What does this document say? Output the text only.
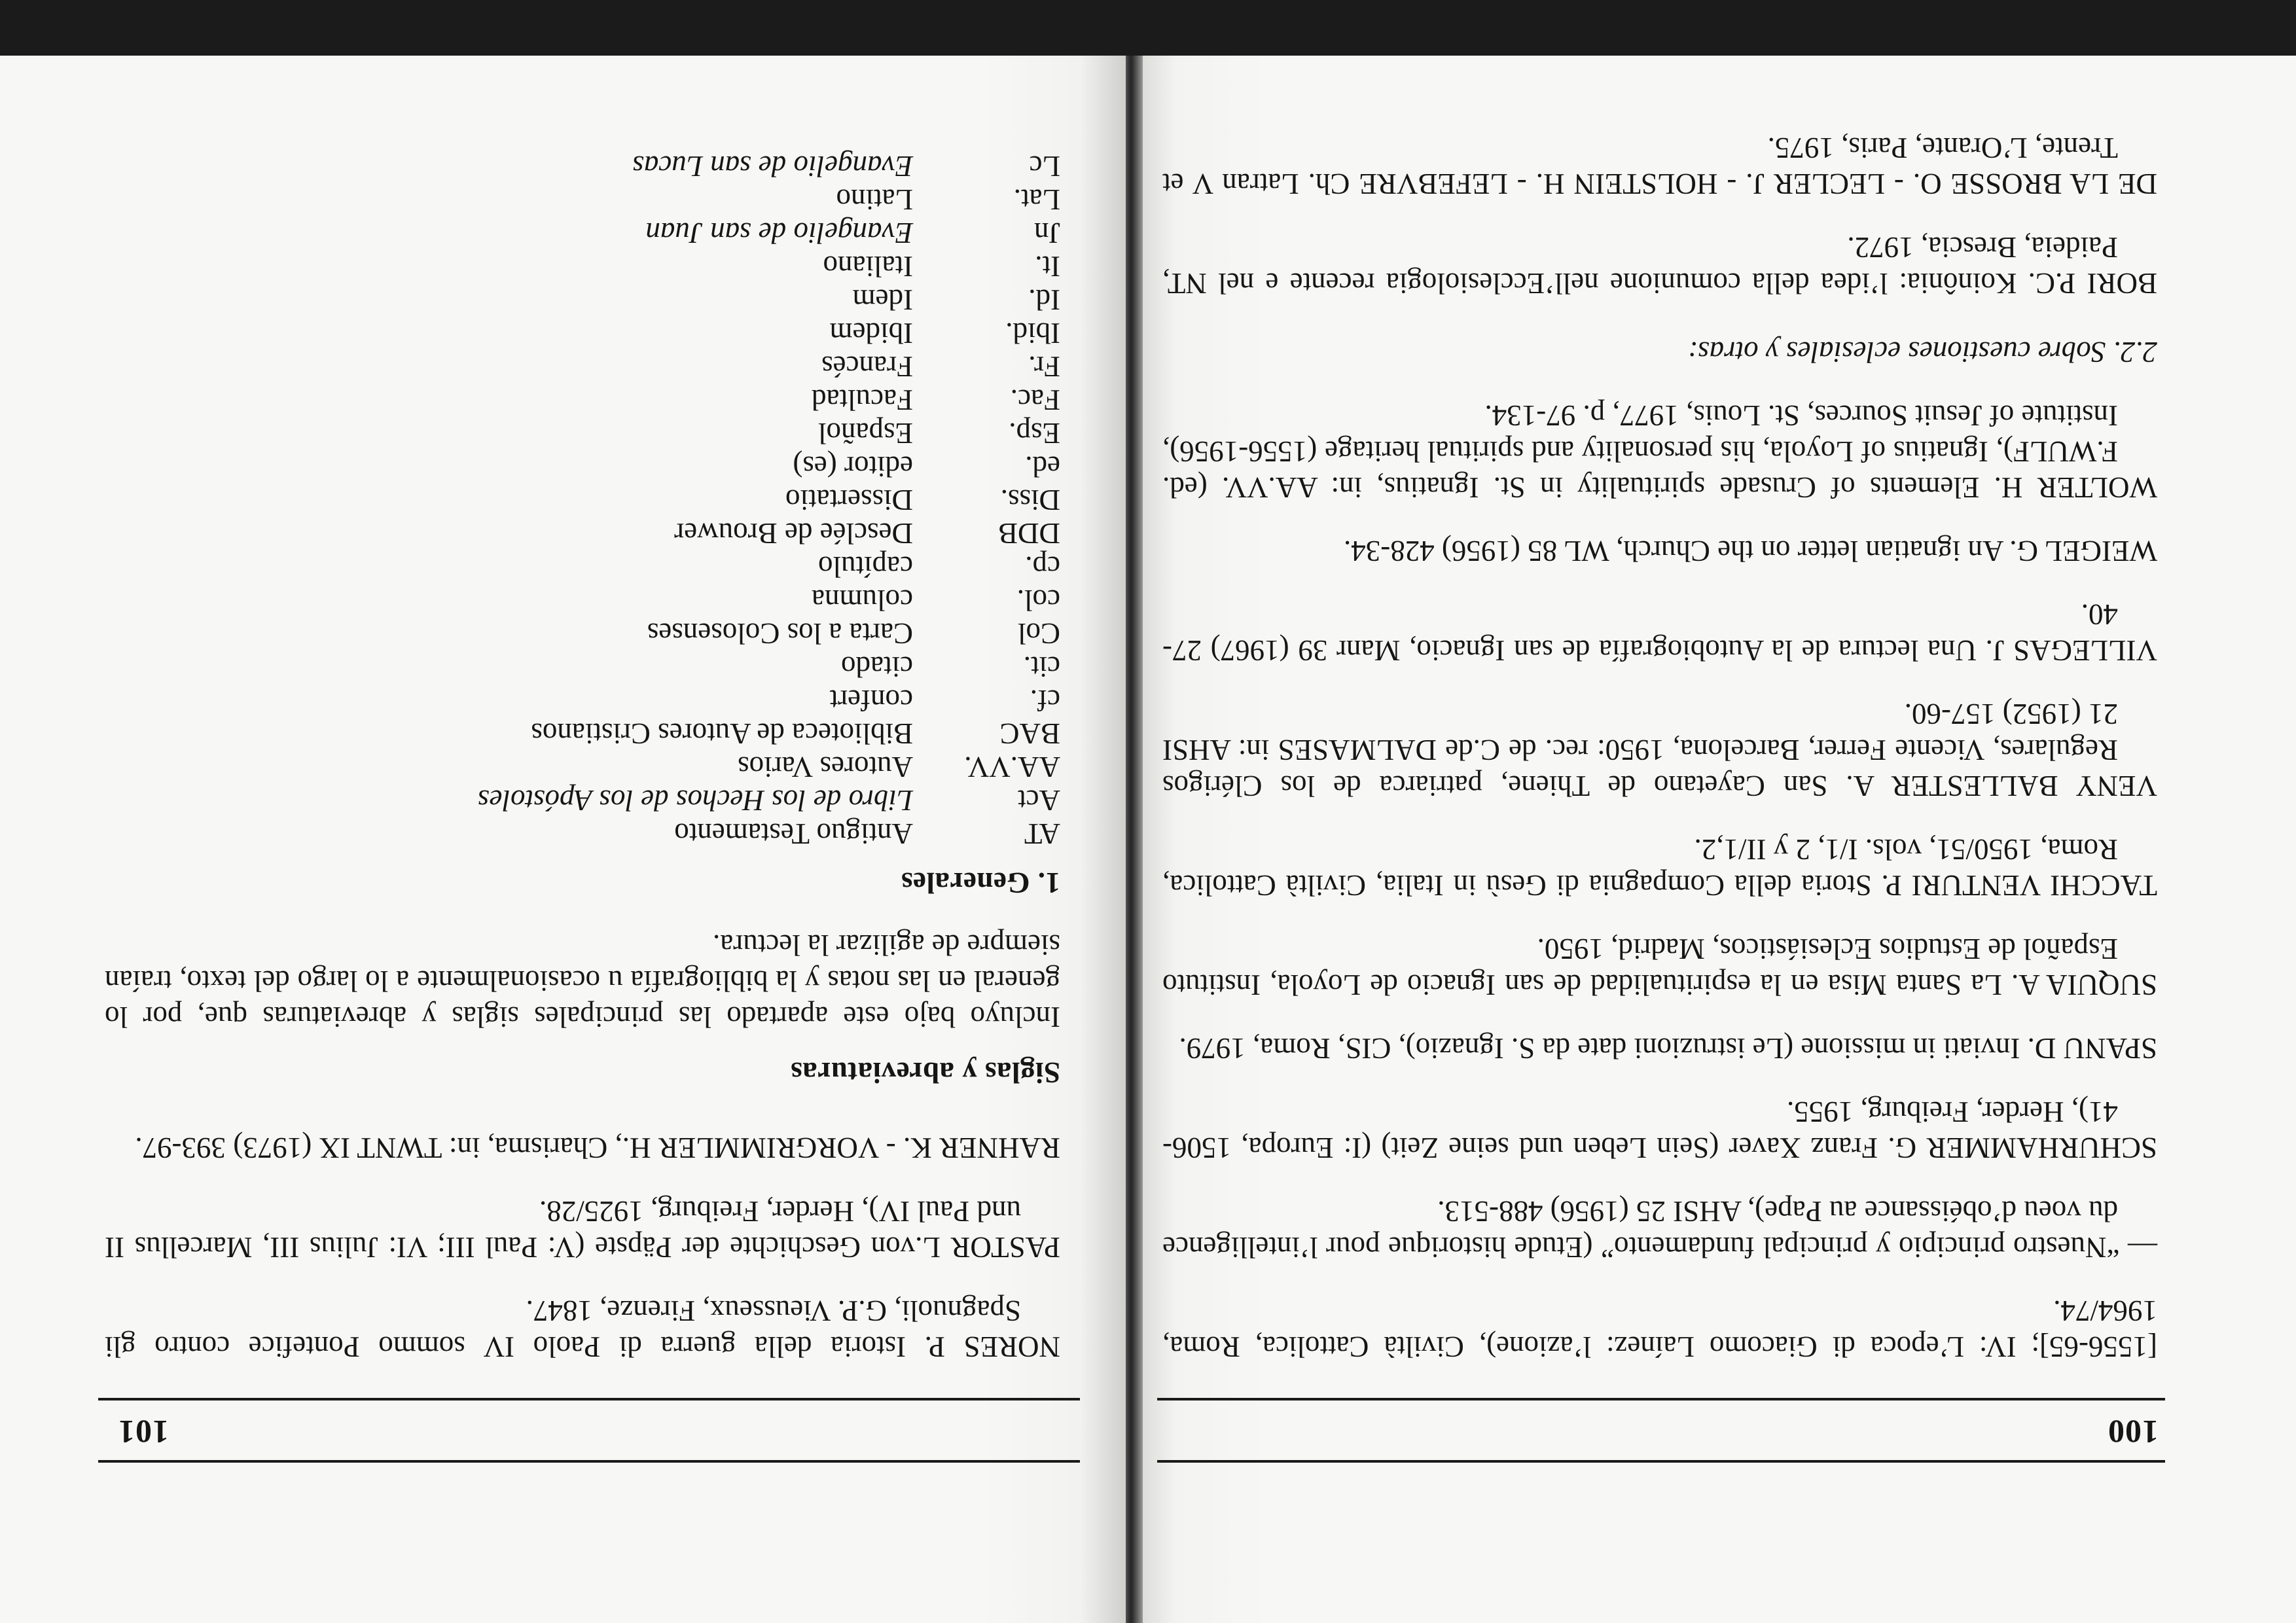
100
[1556-65]; IV: L’epoca di Giacomo Laínez: l’azione), Civiltà Cattolica, Roma, 1964/74.
— “Nuestro principio y principal fundamento” (Etude historique pour l’intelligence du voeu d’obéissance au Pape), AHSI 25 (1956) 488-513.
SCHURHAMMER G. Franz Xaver (Sein Leben und seine Zeit) (I: Europa, 1506-41), Herder, Freiburg, 1955.
SPANU D. Inviati in missione (Le istruzioni date da S. Ignazio), CIS, Roma, 1979.
SUQUIA A. La Santa Misa en la espiritualidad de san Ignacio de Loyola, Instituto Español de Estudios Eclesiásticos, Madrid, 1950.
TACCHI VENTURI P. Storia della Compagnia di Gesù in Italia, Civiltà Cattolica, Roma, 1950/51, vols. I/1, 2 y II/1,2.
VENY BALLESTER A. San Cayetano de Thiene, patriarca de los Clérigos Regulares, Vicente Ferrer, Barcelona, 1950: rec. de C.de DALMASES in: AHSI 21 (1952) 157-60.
VILLEGAS J. Una lectura de la Autobiografía de san Ignacio, Manr 39 (1967) 27-40.
WEIGEL G. An ignatian letter on the Church, WL 85 (1956) 428-34.
WOLTER H. Elements of Crusade spirituality in St. Ignatius, in: AA.VV. (ed. F.WULF), Ignatius of Loyola, his personality and spiritual heritage (1556-1956), Institute of Jesuit Sources, St. Louis, 1977, p. 97-134.
2.2. Sobre cuestiones eclesiales y otras:
BORI P.C. Koinônia: l’idea della comunione nell’Ecclesiologia recente e nel NT, Paideia, Brescia, 1972.
DE LA BROSSE O. - LECLER J. - HOLSTEIN H. - LEFEBVRE Ch. Latran V et Trente, L’Orante, Paris, 1975.
101
NORES P. Istoria della guerra di Paolo IV sommo Pontefice contro gli Spagnuoli, G.P. Vieusseux, Firenze, 1847.
PASTOR L.von Geschichte der Päpste (V: Paul III; VI: Julius III, Marcellus II und Paul IV), Herder, Freiburg, 1925/28.
RAHNER K. - VORGRIMMLER H., Charisma, in: TWNT IX (1973) 393-97.
Siglas y abreviaturas
Incluyo bajo este apartado las principales siglas y abreviaturas que, por lo general en las notas y la bibliografía u ocasionalmente a lo largo del texto, traían siempre de agilizar la lectura.
1. Generales
AT
Antiguo Testamento
Act
Libro de los Hechos de los Apóstoles
AA.VV.
Autores Varios
BAC
Biblioteca de Autores Cristianos
cf.
confert
cit.
citado
Col
Carta a los Colosenses
col.
columna
cp.
capítulo
DDB
Desclée de Brouwer
Diss.
Dissertatio
ed.
editor (es)
Esp.
Español
Fac.
Facultad
Fr.
Francés
Ibid.
Ibidem
Id.
Idem
It.
Italiano
Jn
Evangelio de san Juan
Lat.
Latino
Lc
Evangelio de san Lucas
